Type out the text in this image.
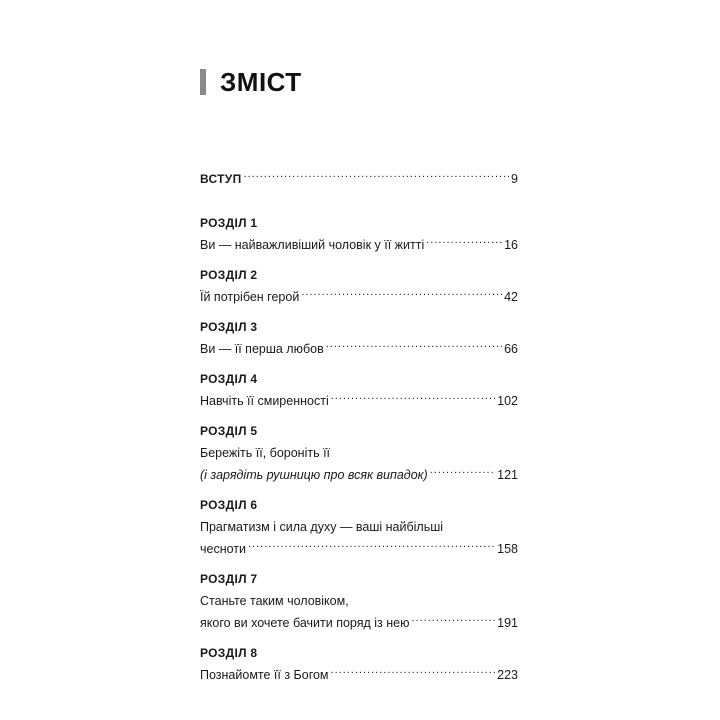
ЗМІСТ
ВСТУП .....	9
РОЗДІЛ 1
Ви — найважливіший чоловік у її житті .....	16
РОЗДІЛ 2
Їй потрібен герой .....	42
РОЗДІЛ 3
Ви — її перша любов .....	66
РОЗДІЛ 4
Навчіть її смиренності .....	102
РОЗДІЛ 5
Бережіть її, бороніть її
(і зарядіть рушницю про всяк випадок) .....	121
РОЗДІЛ 6
Прагматизм і сила духу — ваші найбільші
чесноти .....	158
РОЗДІЛ 7
Станьте таким чоловіком,
якого ви хочете бачити поряд із нею .....	191
РОЗДІЛ 8
Познайомте її з Богом .....	223
